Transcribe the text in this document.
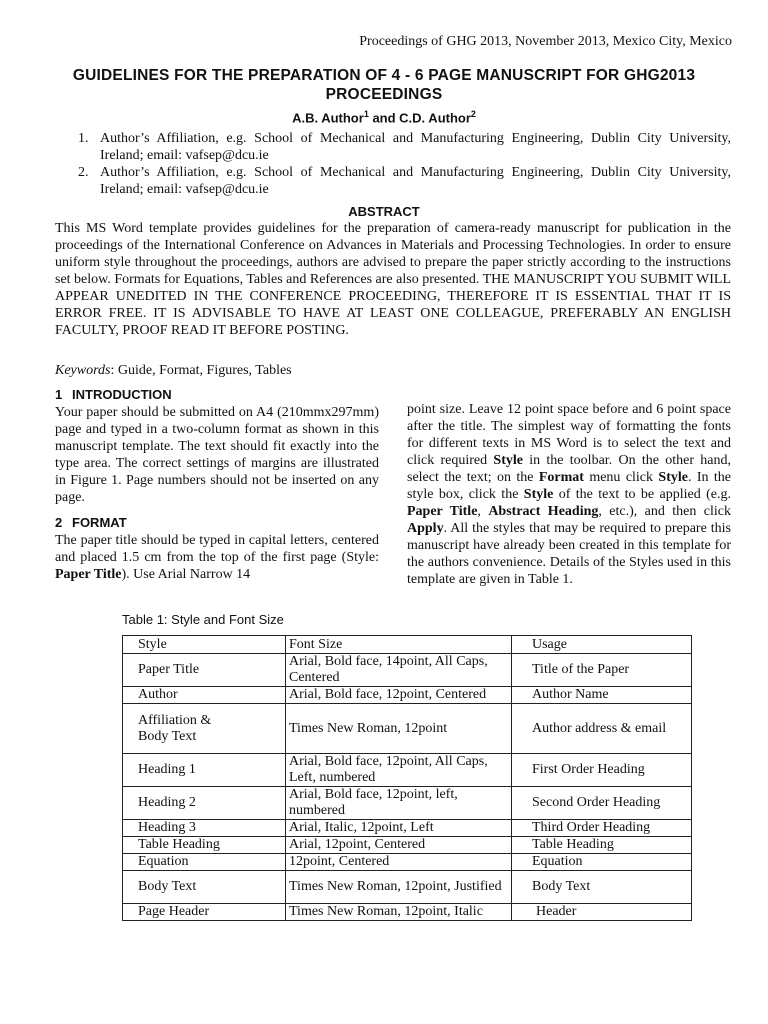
Proceedings of GHG 2013, November 2013, Mexico City, Mexico
GUIDELINES FOR THE PREPARATION OF 4 - 6 PAGE MANUSCRIPT FOR GHG2013 PROCEEDINGS
A.B. Author$^1$ and C.D. Author$^2$
1. Author’s Affiliation, e.g. School of Mechanical and Manufacturing Engineering, Dublin City University, Ireland; email: vafsep@dcu.ie
2. Author’s Affiliation, e.g. School of Mechanical and Manufacturing Engineering, Dublin City University, Ireland; email: vafsep@dcu.ie
ABSTRACT

This MS Word template provides guidelines for the preparation of camera-ready manuscript for publication in the proceedings of the International Conference on Advances in Materials and Processing Technologies. In order to ensure uniform style throughout the proceedings, authors are advised to prepare the paper strictly according to the instructions set below. Formats for Equations, Tables and References are also presented. THE MANUSCRIPT YOU SUBMIT WILL APPEAR UNEDITED IN THE CONFERENCE PROCEEDING, THEREFORE IT IS ESSENTIAL THAT IT IS ERROR FREE. IT IS ADVISABLE TO HAVE AT LEAST ONE COLLEAGUE, PREFERABLY AN ENGLISH FACULTY, PROOF READ IT BEFORE POSTING.

Keywords: Guide, Format, Figures, Tables
1 INTRODUCTION

Your paper should be submitted on A4 (210mmx297mm) page and typed in a two-column format as shown in this manuscript template. The text should fit exactly into the type area. The correct settings of margins are illustrated in Figure 1. Page numbers should not be inserted on any page.

2 FORMAT

The paper title should be typed in capital letters, centered and placed 1.5 cm from the top of the first page (Style: Paper Title). Use Arial Narrow 14

point size. Leave 12 point space before and 6 point space after the title. The simplest way of formatting the fonts for different texts in MS Word is to select the text and click required Style in the toolbar. On the other hand, select the text; on the Format menu click Style. In the style box, click the Style of the text to be applied (e.g. Paper Title, Abstract Heading, etc.), and then click Apply. All the styles that may be required to prepare this manuscript have already been created in this template for the authors convenience. Details of the Styles used in this template are given in Table 1.

Table 1: Style and Font Size
Style	Font Size	Usage
Paper Title	Arial, Bold face, 14point, All Caps, Centered	Title of the Paper
Author	Arial, Bold face, 12point, Centered	Author Name
Affiliation & Body Text	Times New Roman, 12point	Author address & email
Heading 1	Arial, Bold face, 12point, All Caps, Left, numbered	First Order Heading
Heading 2	Arial, Bold face, 12point, left, numbered	Second Order Heading
Heading 3	Arial, Italic, 12point, Left	Third Order Heading
Table Heading	Arial, 12point, Centered	Table Heading
Equation	12point, Centered	Equation
Body Text	Times New Roman, 12point, Justified	Body Text
Page Header	Times New Roman, 12point, Italic	Header
